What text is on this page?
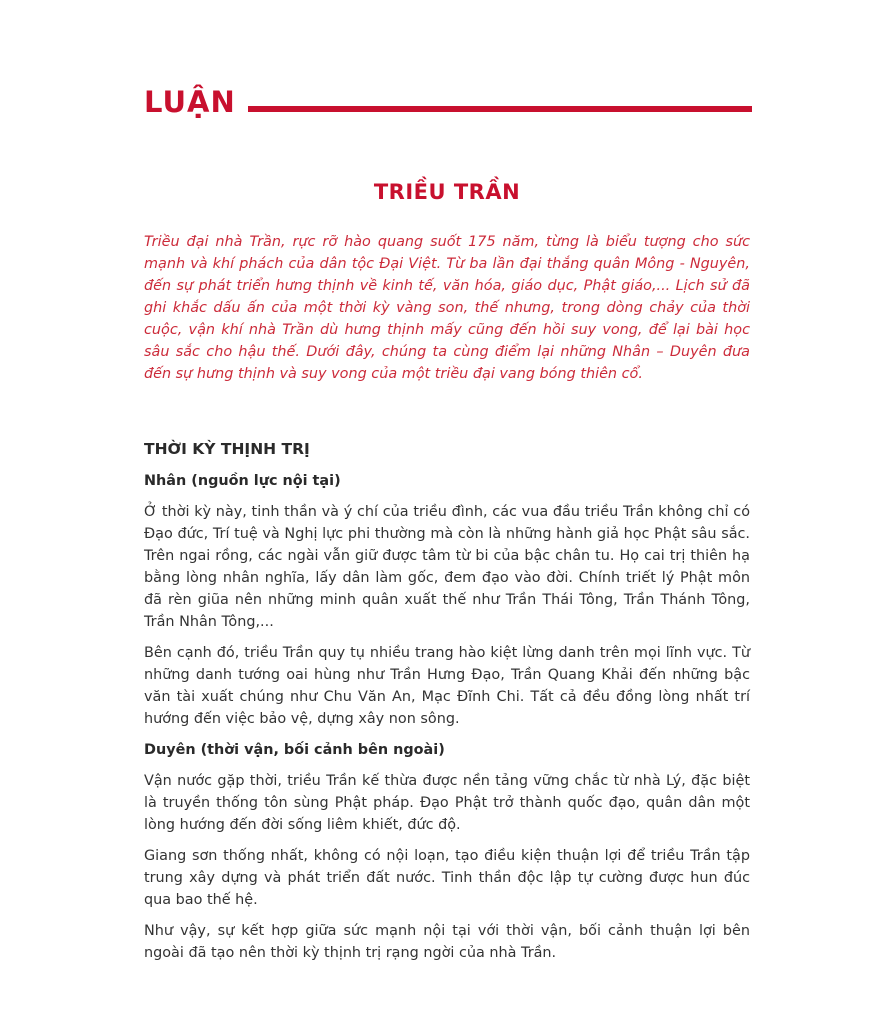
LUẬN
TRIỀU TRẦN

Triều đại nhà Trần, rực rỡ hào quang suốt 175 năm, từng là biểu tượng cho sức mạnh và khí phách của dân tộc Đại Việt. Từ ba lần đại thắng quân Mông - Nguyên, đến sự phát triển hưng thịnh về kinh tế, văn hóa, giáo dục, Phật giáo,... Lịch sử đã ghi khắc dấu ấn của một thời kỳ vàng son, thế nhưng, trong dòng chảy của thời cuộc, vận khí nhà Trần dù hưng thịnh mấy cũng đến hồi suy vong, để lại bài học sâu sắc cho hậu thế. Dưới đây, chúng ta cùng điểm lại những Nhân – Duyên đưa đến sự hưng thịnh và suy vong của một triều đại vang bóng thiên cổ.

THỜI KỲ THỊNH TRỊ
Nhân (nguồn lực nội tại)

Ở thời kỳ này, tinh thần và ý chí của triều đình, các vua đầu triều Trần không chỉ có Đạo đức, Trí tuệ và Nghị lực phi thường mà còn là những hành giả học Phật sâu sắc. Trên ngai rồng, các ngài vẫn giữ được tâm từ bi của bậc chân tu. Họ cai trị thiên hạ bằng lòng nhân nghĩa, lấy dân làm gốc, đem đạo vào đời. Chính triết lý Phật môn đã rèn giũa nên những minh quân xuất thế như Trần Thái Tông, Trần Thánh Tông, Trần Nhân Tông,...

Bên cạnh đó, triều Trần quy tụ nhiều trang hào kiệt lừng danh trên mọi lĩnh vực. Từ những danh tướng oai hùng như Trần Hưng Đạo, Trần Quang Khải đến những bậc văn tài xuất chúng như Chu Văn An, Mạc Đĩnh Chi. Tất cả đều đồng lòng nhất trí hướng đến việc bảo vệ, dựng xây non sông.

Duyên (thời vận, bối cảnh bên ngoài)

Vận nước gặp thời, triều Trần kế thừa được nền tảng vững chắc từ nhà Lý, đặc biệt là truyền thống tôn sùng Phật pháp. Đạo Phật trở thành quốc đạo, quân dân một lòng hướng đến đời sống liêm khiết, đức độ.

Giang sơn thống nhất, không có nội loạn, tạo điều kiện thuận lợi để triều Trần tập trung xây dựng và phát triển đất nước. Tinh thần độc lập tự cường được hun đúc qua bao thế hệ.

Như vậy, sự kết hợp giữa sức mạnh nội tại với thời vận, bối cảnh thuận lợi bên ngoài đã tạo nên thời kỳ thịnh trị rạng ngời của nhà Trần.
